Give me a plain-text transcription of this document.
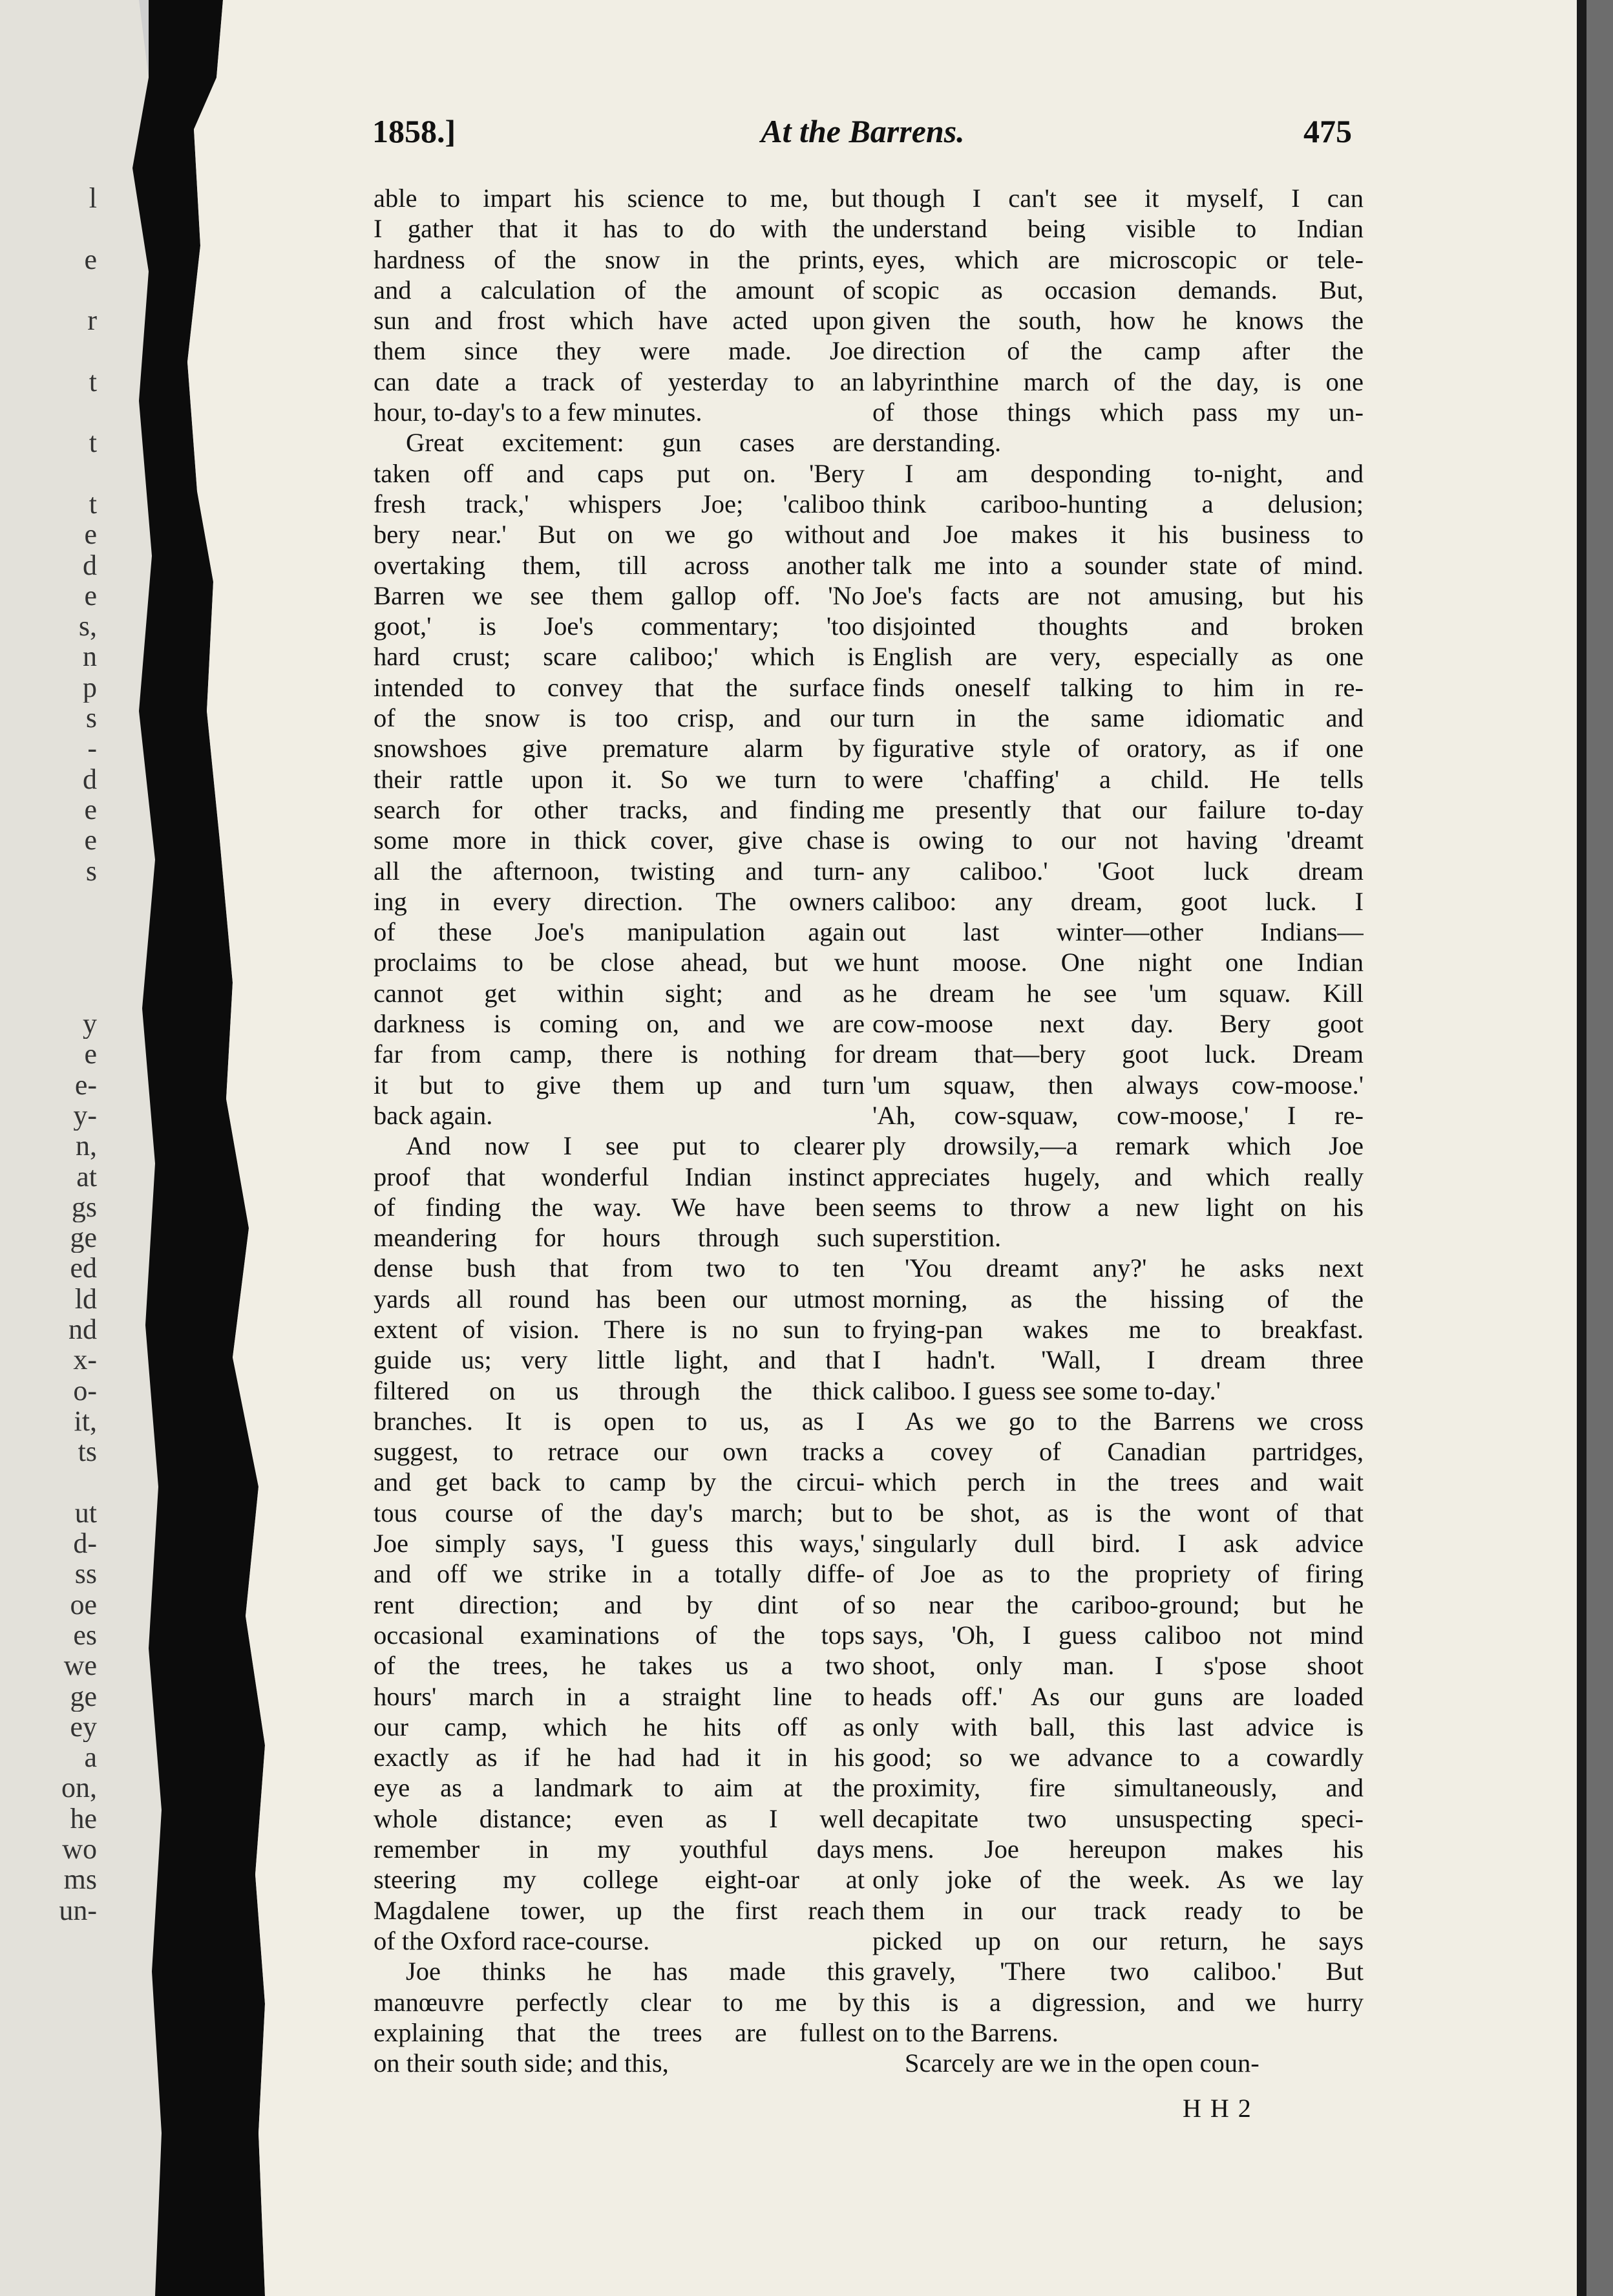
l
e
r
t
t
t
e
d
e
s,
n
p
s
-
d
e
e
s
y
e
e-
y-
n,
at
gs
ge
ed
ld
nd
x-
o-
it,
ts
ut
d-
ss
oe
es
we
ge
ey
a
on,
he
wo
ms
un-
1858.]	At the Barrens.	475
able to impart his science to me, but
I gather that it has to do with the
hardness of the snow in the prints,
and a calculation of the amount of
sun and frost which have acted upon
them since they were made. Joe
can date a track of yesterday to an
hour, to-day's to a few minutes.
Great excitement: gun cases are
taken off and caps put on. 'Bery
fresh track,' whispers Joe; 'caliboo
bery near.' But on we go without
overtaking them, till across another
Barren we see them gallop off. 'No
goot,' is Joe's commentary; 'too
hard crust; scare caliboo;' which is
intended to convey that the surface
of the snow is too crisp, and our
snowshoes give premature alarm by
their rattle upon it. So we turn to
search for other tracks, and finding
some more in thick cover, give chase
all the afternoon, twisting and turn-
ing in every direction. The owners
of these Joe's manipulation again
proclaims to be close ahead, but we
cannot get within sight; and as
darkness is coming on, and we are
far from camp, there is nothing for
it but to give them up and turn
back again.
And now I see put to clearer
proof that wonderful Indian instinct
of finding the way. We have been
meandering for hours through such
dense bush that from two to ten
yards all round has been our utmost
extent of vision. There is no sun to
guide us; very little light, and that
filtered on us through the thick
branches. It is open to us, as I
suggest, to retrace our own tracks
and get back to camp by the circui-
tous course of the day's march; but
Joe simply says, 'I guess this ways,'
and off we strike in a totally diffe-
rent direction; and by dint of
occasional examinations of the tops
of the trees, he takes us a two
hours' march in a straight line to
our camp, which he hits off as
exactly as if he had had it in his
eye as a landmark to aim at the
whole distance; even as I well
remember in my youthful days
steering my college eight-oar at
Magdalene tower, up the first reach
of the Oxford race-course.
Joe thinks he has made this
manœuvre perfectly clear to me by
explaining that the trees are fullest
on their south side; and this,
though I can't see it myself, I can
understand being visible to Indian
eyes, which are microscopic or tele-
scopic as occasion demands. But,
given the south, how he knows the
direction of the camp after the
labyrinthine march of the day, is one
of those things which pass my un-
derstanding.
I am desponding to-night, and
think cariboo-hunting a delusion;
and Joe makes it his business to
talk me into a sounder state of mind.
Joe's facts are not amusing, but his
disjointed thoughts and broken
English are very, especially as one
finds oneself talking to him in re-
turn in the same idiomatic and
figurative style of oratory, as if one
were 'chaffing' a child. He tells
me presently that our failure to-day
is owing to our not having 'dreamt
any caliboo.' 'Goot luck dream
caliboo: any dream, goot luck. I
out last winter—other Indians—
hunt moose. One night one Indian
he dream he see 'um squaw. Kill
cow-moose next day. Bery goot
dream that—bery goot luck. Dream
'um squaw, then always cow-moose.'
'Ah, cow-squaw, cow-moose,' I re-
ply drowsily,—a remark which Joe
appreciates hugely, and which really
seems to throw a new light on his
superstition.
'You dreamt any?' he asks next
morning, as the hissing of the
frying-pan wakes me to breakfast.
I hadn't. 'Wall, I dream three
caliboo. I guess see some to-day.'
As we go to the Barrens we cross
a covey of Canadian partridges,
which perch in the trees and wait
to be shot, as is the wont of that
singularly dull bird. I ask advice
of Joe as to the propriety of firing
so near the cariboo-ground; but he
says, 'Oh, I guess caliboo not mind
shoot, only man. I s'pose shoot
heads off.' As our guns are loaded
only with ball, this last advice is
good; so we advance to a cowardly
proximity, fire simultaneously, and
decapitate two unsuspecting speci-
mens. Joe hereupon makes his
only joke of the week. As we lay
them in our track ready to be
picked up on our return, he says
gravely, 'There two caliboo.' But
this is a digression, and we hurry
on to the Barrens.
Scarcely are we in the open coun-
H H 2
